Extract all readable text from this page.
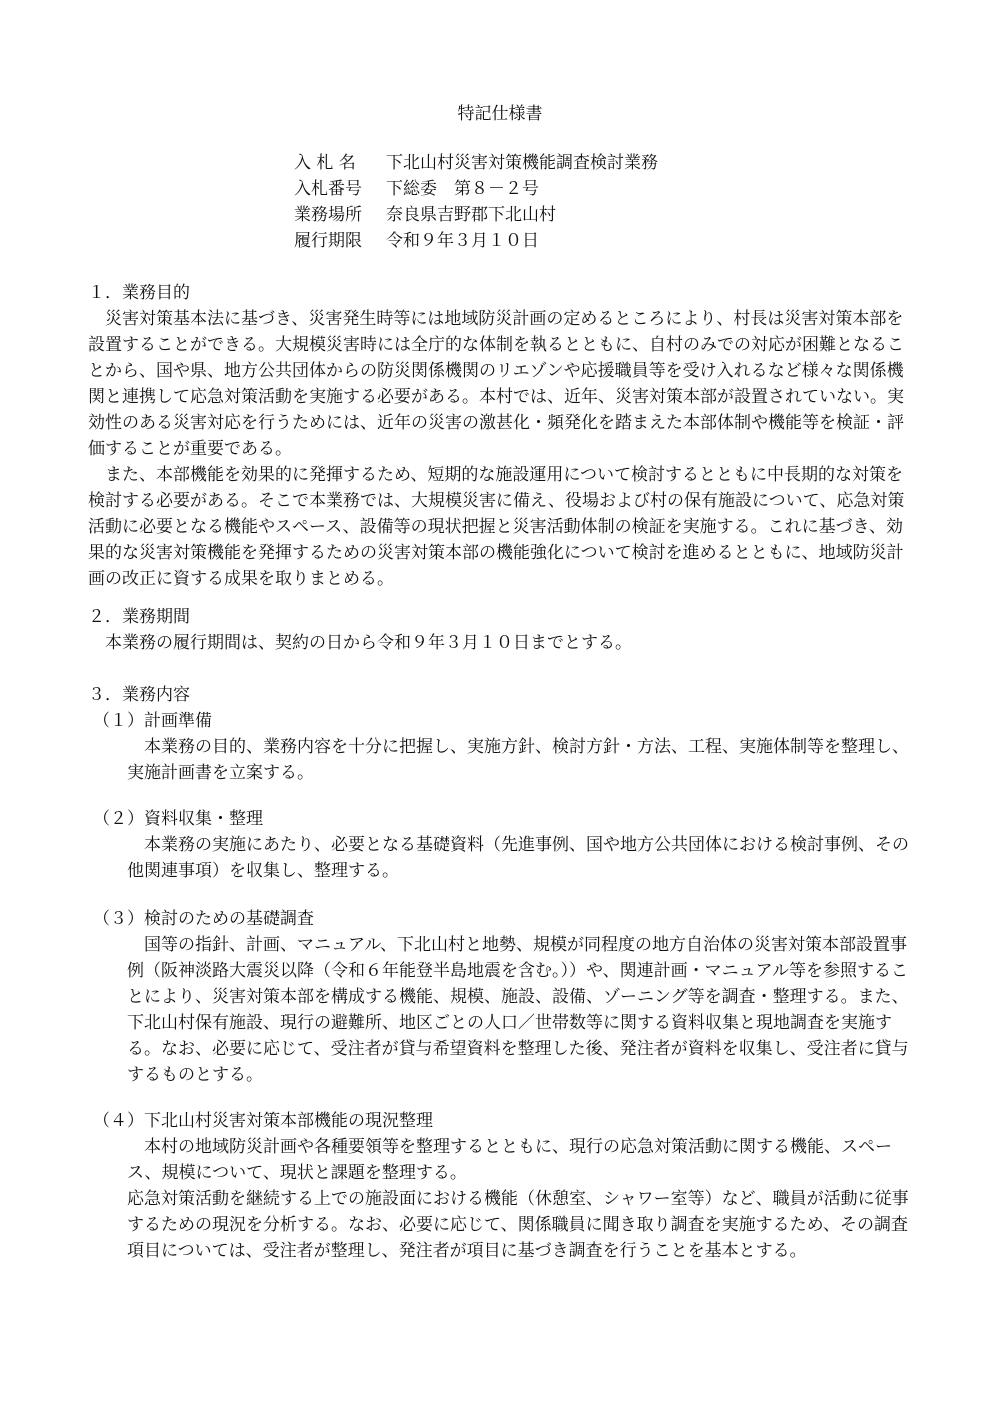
特記仕様書
入 札 名 下北山村災害対策機能調査検討業務
入札番号 下総委　第８－２号
業務場所 奈良県吉野郡下北山村
履行期限 令和９年３月１０日
１．業務目的

災害対策基本法に基づき、災害発生時等には地域防災計画の定めるところにより、村長は災害対策本部を設置することができる。大規模災害時には全庁的な体制を執るとともに、自村のみでの対応が困難となることから、国や県、地方公共団体からの防災関係機関のリエゾンや応援職員等を受け入れるなど様々な関係機関と連携して応急対策活動を実施する必要がある。本村では、近年、災害対策本部が設置されていない。実効性のある災害対応を行うためには、近年の災害の激甚化・頻発化を踏まえた本部体制や機能等を検証・評価することが重要である。

また、本部機能を効果的に発揮するため、短期的な施設運用について検討するとともに中長期的な対策を検討する必要がある。そこで本業務では、大規模災害に備え、役場および村の保有施設について、応急対策活動に必要となる機能やスペース、設備等の現状把握と災害活動体制の検証を実施する。これに基づき、効果的な災害対策機能を発揮するための災害対策本部の機能強化について検討を進めるとともに、地域防災計画の改正に資する成果を取りまとめる。

２．業務期間

本業務の履行期間は、契約の日から令和９年３月１０日までとする。

３．業務内容
（１）計画準備

本業務の目的、業務内容を十分に把握し、実施方針、検討方針・方法、工程、実施体制等を整理し、実施計画書を立案する。

（２）資料収集・整理

本業務の実施にあたり、必要となる基礎資料（先進事例、国や地方公共団体における検討事例、その他関連事項）を収集し、整理する。

（３）検討のための基礎調査

国等の指針、計画、マニュアル、下北山村と地勢、規模が同程度の地方自治体の災害対策本部設置事例（阪神淡路大震災以降（令和６年能登半島地震を含む。））や、関連計画・マニュアル等を参照することにより、災害対策本部を構成する機能、規模、施設、設備、ゾーニング等を調査・整理する。また、下北山村保有施設、現行の避難所、地区ごとの人口／世帯数等に関する資料収集と現地調査を実施する。なお、必要に応じて、受注者が貸与希望資料を整理した後、発注者が資料を収集し、受注者に貸与するものとする。

（４）下北山村災害対策本部機能の現況整理

本村の地域防災計画や各種要領等を整理するとともに、現行の応急対策活動に関する機能、スペース、規模について、現状と課題を整理する。

応急対策活動を継続する上での施設面における機能（休憩室、シャワー室等）など、職員が活動に従事するための現況を分析する。なお、必要に応じて、関係職員に聞き取り調査を実施するため、その調査項目については、受注者が整理し、発注者が項目に基づき調査を行うことを基本とする。
